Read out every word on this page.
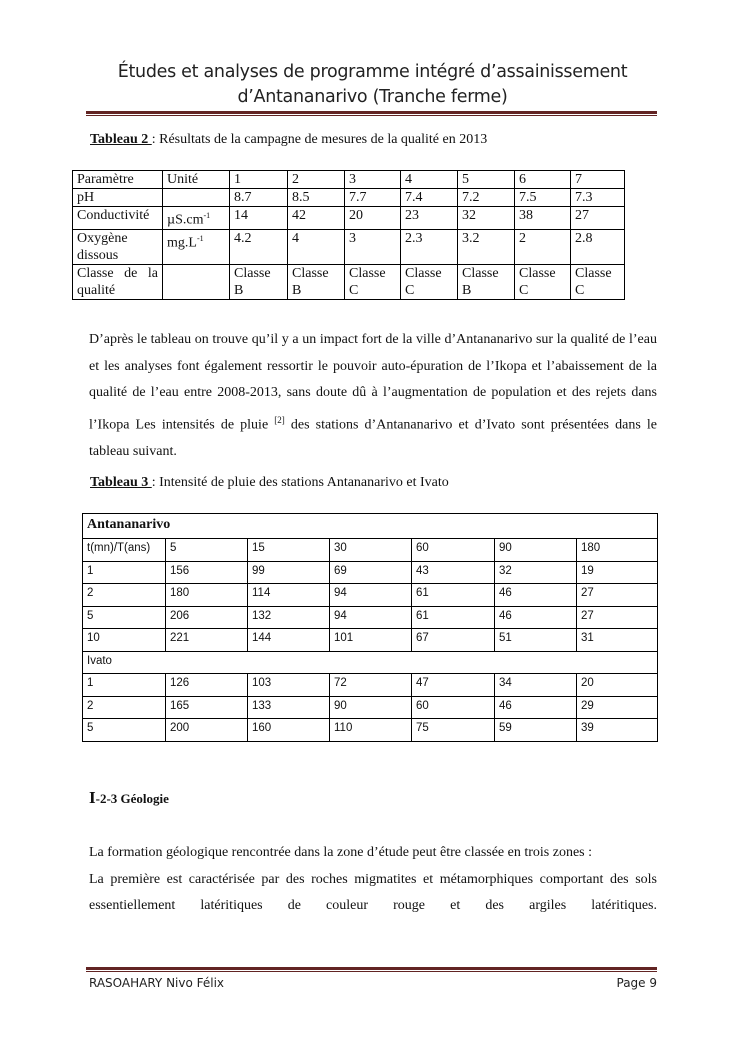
Études et analyses de programme intégré d’assainissement
d’Antananarivo (Tranche ferme)
Tableau 2 : Résultats de la campagne de mesures de la qualité en 2013
Paramètre	Unité	1	2	3	4	5	6	7
pH		8.7	8.5	7.7	7.4	7.2	7.5	7.3
Conductivité	$\mu S.cm^{-1}$	14	42	20	23	32	38	27
Oxygène dissous	$mg.L^{-1}$	4.2	4	3	2.3	3.2	2	2.8
Classe de la qualité		Classe B	Classe B	Classe C	Classe C	Classe B	Classe C	Classe C
D’après le tableau on trouve qu’il y a un impact fort de la ville d’Antananarivo sur la qualité de l’eau et les analyses font également ressortir le pouvoir auto-épuration de l’Ikopa et l’abaissement de la qualité de l’eau entre 2008-2013, sans doute dû à l’augmentation de population et des rejets dans l’Ikopa Les intensités de pluie [2] des stations d’Antananarivo et d’Ivato sont présentées dans le tableau suivant.
Tableau 3 : Intensité de pluie des stations Antananarivo et Ivato
Antananarivo						
t(mn)/T(ans)	5	15	30	60	90	180
1	156	99	69	43	32	19
2	180	114	94	61	46	27
5	206	132	94	61	46	27
10	221	144	101	67	51	31
Ivato						
1	126	103	72	47	34	20
2	165	133	90	60	46	29
5	200	160	110	75	59	39
I-2-3 Géologie
La formation géologique rencontrée dans la zone d’étude peut être classée en trois zones :
La première est caractérisée par des roches migmatites et métamorphiques comportant des sols essentiellement latéritiques de couleur rouge et des argiles latéritiques.
RASOAHARY Nivo Félix	Page 9
